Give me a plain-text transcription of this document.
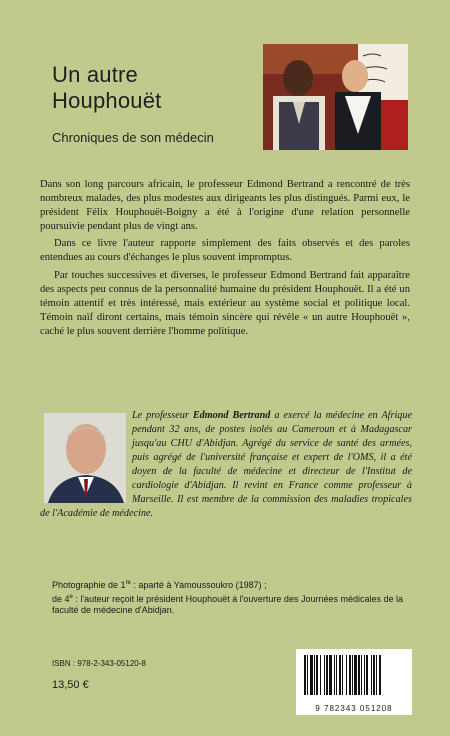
Un autre
Houphouët
Chroniques de son médecin

Dans son long parcours africain, le professeur Edmond Bertrand a rencontré de très nombreux malades, des plus modestes aux dirigeants les plus distingués. Parmi eux, le président Félix Houphouët-Boigny a été à l'origine d'une relation personnelle poursuivie pendant plus de vingt ans.

Dans ce livre l'auteur rapporte simplement des faits observés et des paroles entendues au cours d'échanges le plus souvent impromptus.

Par touches successives et diverses, le professeur Edmond Bertrand fait apparaître des aspects peu connus de la personnalité humaine du président Houphouët. Il a été un témoin attentif et très intéressé, mais extérieur au système social et politique local. Témoin naïf diront certains, mais témoin sincère qui révèle « un autre Houphouët », caché le plus souvent derrière l'homme politique.

Le professeur Edmond Bertrand a exercé la médecine en Afrique pendant 32 ans, de postes isolés au Cameroun et à Madagascar jusqu'au CHU d'Abidjan. Agrégé du service de santé des armées, puis agrégé de l'université française et expert de l'OMS, il a été doyen de la faculté de médecine et directeur de l'Institut de cardiologie d'Abidjan. Il revint en France comme professeur à Marseille. Il est membre de la commission des maladies tropicales de l'Académie de médecine.
Photographie de 1re : aparté à Yamoussoukro (1987) ;
de 4e : l'auteur reçoit le président Houphouët à l'ouverture des Journées médicales de la faculté de médecine d'Abidjan.
ISBN : 978-2-343-05120-8
13,50 €
9 782343 051208
